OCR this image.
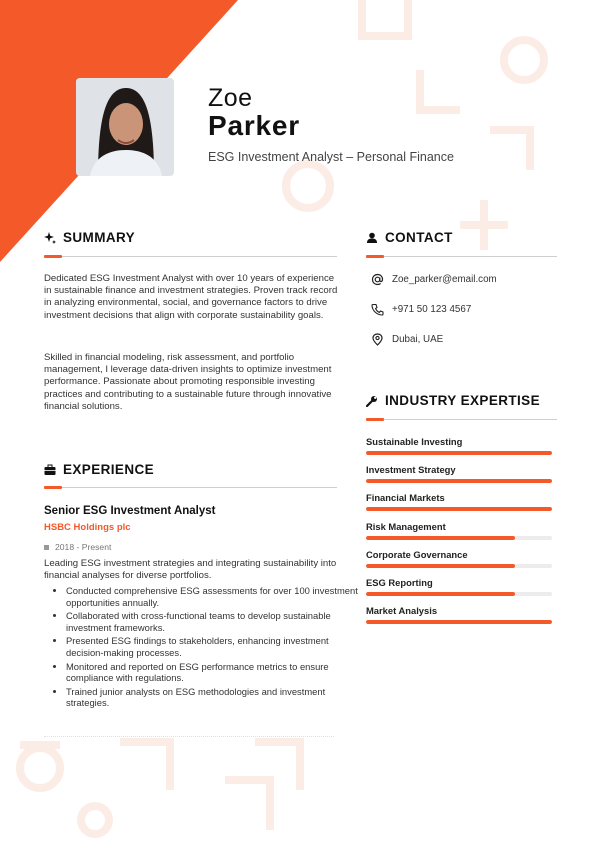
Zoe
Parker
ESG Investment Analyst – Personal Finance
SUMMARY
Dedicated ESG Investment Analyst with over 10 years of experience in sustainable finance and investment strategies. Proven track record in analyzing environmental, social, and governance factors to drive investment decisions that align with corporate sustainability goals.
Skilled in financial modeling, risk assessment, and portfolio management, I leverage data-driven insights to optimize investment performance. Passionate about promoting responsible investing practices and contributing to a sustainable future through innovative financial solutions.
EXPERIENCE
Senior ESG Investment Analyst
HSBC Holdings plc
2018 - Present
Leading ESG investment strategies and integrating sustainability into financial analyses for diverse portfolios.
• Conducted comprehensive ESG assessments for over 100 investment opportunities annually.
• Collaborated with cross-functional teams to develop sustainable investment frameworks.
• Presented ESG findings to stakeholders, enhancing investment decision-making processes.
• Monitored and reported on ESG performance metrics to ensure compliance with regulations.
• Trained junior analysts on ESG methodologies and investment strategies.
CONTACT
Zoe_parker@email.com
+971 50 123 4567
Dubai, UAE
INDUSTRY EXPERTISE
Sustainable Investing
Investment Strategy
Financial Markets
Risk Management
Corporate Governance
ESG Reporting
Market Analysis
